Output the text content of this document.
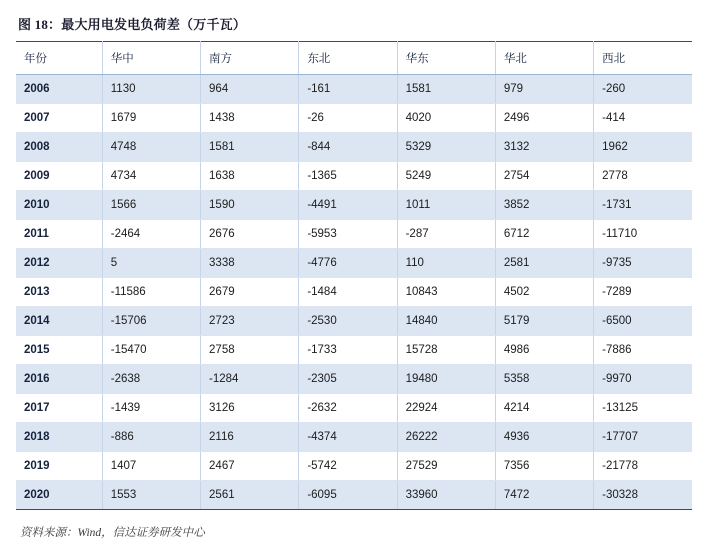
图 18：最大用电发电负荷差（万千瓦）
年份	华中	南方	东北	华东	华北	西北
2006	1130	964	-161	1581	979	-260
2007	1679	1438	-26	4020	2496	-414
2008	4748	1581	-844	5329	3132	1962
2009	4734	1638	-1365	5249	2754	2778
2010	1566	1590	-4491	1011	3852	-1731
2011	-2464	2676	-5953	-287	6712	-11710
2012	5	3338	-4776	110	2581	-9735
2013	-11586	2679	-1484	10843	4502	-7289
2014	-15706	2723	-2530	14840	5179	-6500
2015	-15470	2758	-1733	15728	4986	-7886
2016	-2638	-1284	-2305	19480	5358	-9970
2017	-1439	3126	-2632	22924	4214	-13125
2018	-886	2116	-4374	26222	4936	-17707
2019	1407	2467	-5742	27529	7356	-21778
2020	1553	2561	-6095	33960	7472	-30328
资料来源：Wind，信达证券研发中心
